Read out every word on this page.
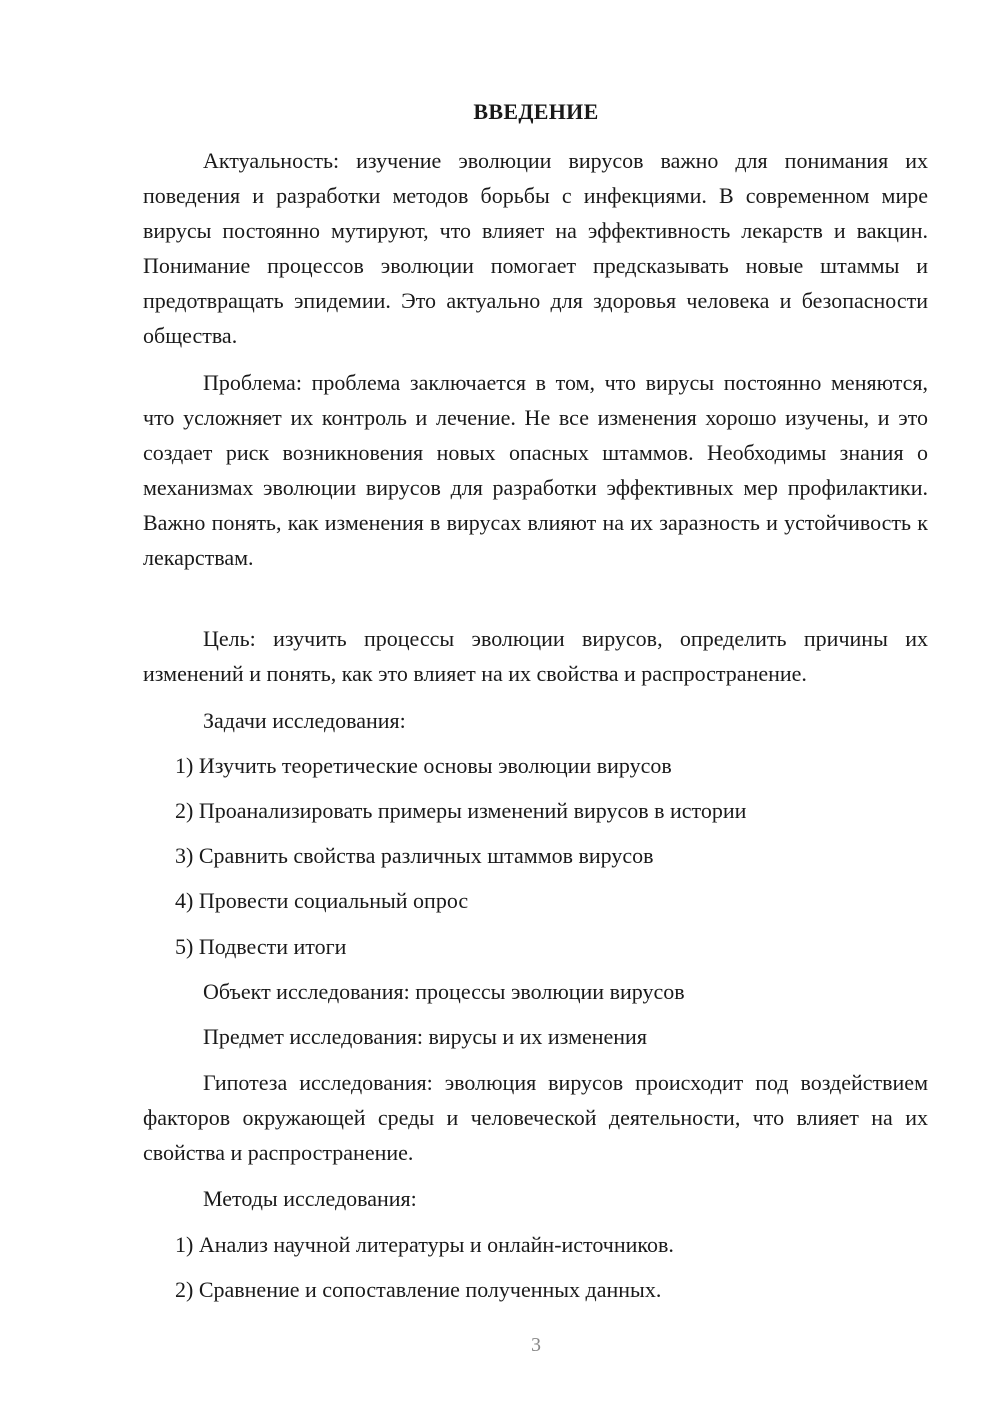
ВВЕДЕНИЕ
Актуальность: изучение эволюции вирусов важно для понимания их поведения и разработки методов борьбы с инфекциями. В современном мире вирусы постоянно мутируют, что влияет на эффективность лекарств и вакцин. Понимание процессов эволюции помогает предсказывать новые штаммы и предотвращать эпидемии. Это актуально для здоровья человека и безопасности общества.
Проблема: проблема заключается в том, что вирусы постоянно меняются, что усложняет их контроль и лечение. Не все изменения хорошо изучены, и это создает риск возникновения новых опасных штаммов. Необходимы знания о механизмах эволюции вирусов для разработки эффективных мер профилактики. Важно понять, как изменения в вирусах влияют на их заразность и устойчивость к лекарствам.
Цель: изучить процессы эволюции вирусов, определить причины их изменений и понять, как это влияет на их свойства и распространение.
Задачи исследования:
1) Изучить теоретические основы эволюции вирусов
2) Проанализировать примеры изменений вирусов в истории
3) Сравнить свойства различных штаммов вирусов
4) Провести социальный опрос
5) Подвести итоги
Объект исследования: процессы эволюции вирусов
Предмет исследования: вирусы и их изменения
Гипотеза исследования: эволюция вирусов происходит под воздействием факторов окружающей среды и человеческой деятельности, что влияет на их свойства и распространение.
Методы исследования:
1) Анализ научной литературы и онлайн-источников.
2) Сравнение и сопоставление полученных данных.
3
